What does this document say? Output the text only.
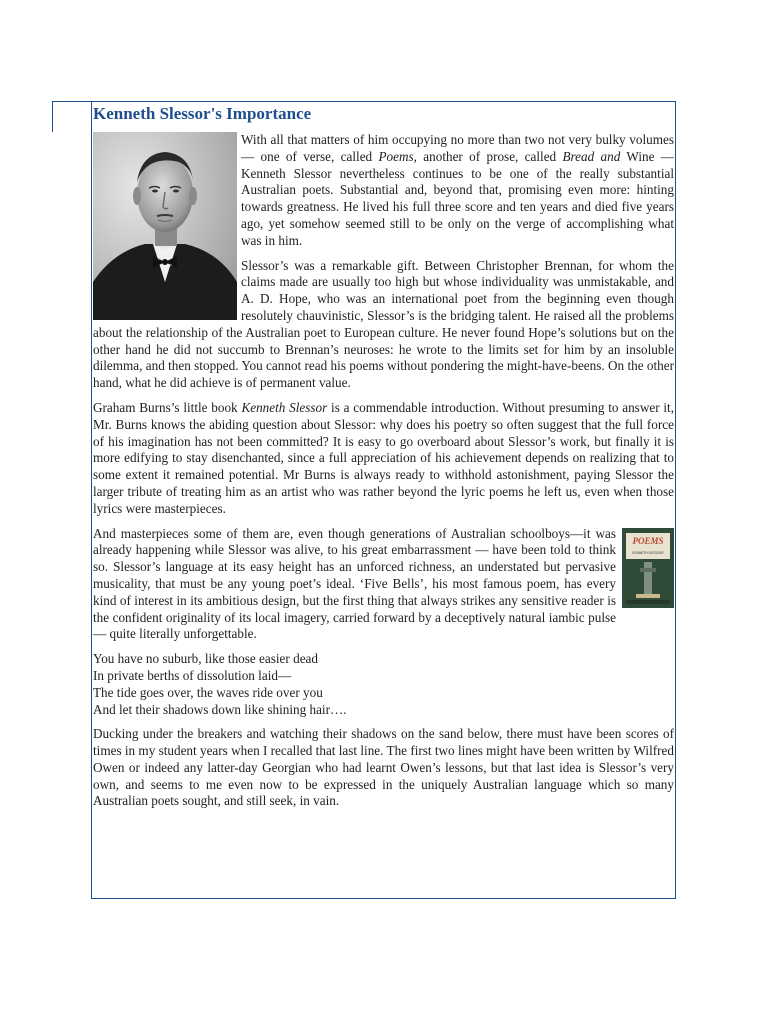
Kenneth Slessor's Importance

With all that matters of him occupying no more than two not very bulky volumes — one of verse, called Poems, another of prose, called Bread and Wine — Kenneth Slessor nevertheless continues to be one of the really substantial Australian poets. Substantial and, beyond that, promising even more: hinting towards greatness. He lived his full three score and ten years and died five years ago, yet somehow seemed still to be only on the verge of accomplishing what was in him.

Slessor’s was a remarkable gift. Between Christopher Brennan, for whom the claims made are usually too high but whose individuality was unmistakable, and A. D. Hope, who was an international poet from the beginning even though resolutely chauvinistic, Slessor’s is the bridging talent. He raised all the problems about the relationship of the Australian poet to European culture. He never found Hope’s solutions but on the other hand he did not succumb to Brennan’s neuroses: he wrote to the limits set for him by an insoluble dilemma, and then stopped. You cannot read his poems without pondering the might-have-beens. On the other hand, what he did achieve is of permanent value.

Graham Burns’s little book Kenneth Slessor is a commendable introduction. Without presuming to answer it, Mr. Burns knows the abiding question about Slessor: why does his poetry so often suggest that the full force of his imagination has not been committed? It is easy to go overboard about Slessor’s work, but finally it is more edifying to stay disenchanted, since a full appreciation of his achievement depends on realizing that to some extent it remained potential. Mr Burns is always ready to withhold astonishment, paying Slessor the larger tribute of treating him as an artist who was rather beyond the lyric poems he left us, even when those lyrics were masterpieces.

POEMS
KENNETH SLESSOR

And masterpieces some of them are, even though generations of Australian schoolboys—it was already happening while Slessor was alive, to his great embarrassment — have been told to think so. Slessor’s language at its easy height has an unforced richness, an understated but pervasive musicality, that must be any young poet’s ideal. ‘Five Bells’, his most famous poem, has every kind of interest in its ambitious design, but the first thing that always strikes any sensitive reader is the confident originality of its local imagery, carried forward by a deceptively natural iambic pulse — quite literally unforgettable.

You have no suburb, like those easier dead
In private berths of dissolution laid—
The tide goes over, the waves ride over you
And let their shadows down like shining hair….

Ducking under the breakers and watching their shadows on the sand below, there must have been scores of times in my student years when I recalled that last line. The first two lines might have been written by Wilfred Owen or indeed any latter-day Georgian who had learnt Owen’s lessons, but that last idea is Slessor’s very own, and seems to me even now to be expressed in the uniquely Australian language which so many Australian poets sought, and still seek, in vain.
